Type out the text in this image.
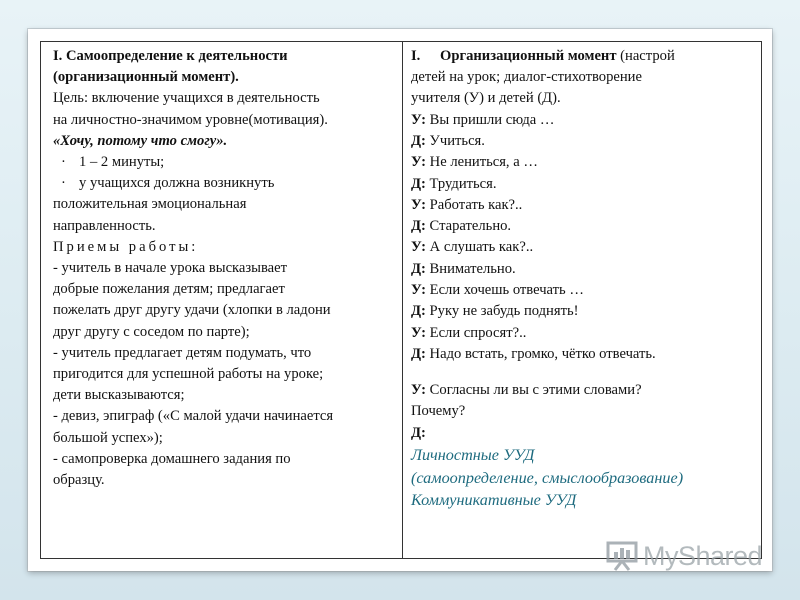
I. Самоопределение к деятельности
(организационный момент).
Цель: включение учащихся в деятельность
на личностно-значимом уровне(мотивация).
«Хочу, потому что смогу».
· 1 – 2 минуты;
· у учащихся должна возникнуть
положительная эмоциональная
направленность.
Приемы работы:
- учитель в начале урока высказывает
добрые пожелания детям; предлагает
пожелать друг другу удачи (хлопки в ладони
друг другу с соседом по парте);
- учитель предлагает детям подумать, что
пригодится для успешной работы на уроке;
дети высказываются;
- девиз, эпиграф («С малой удачи начинается
большой успех»);
- самопроверка домашнего задания по
образцу.
I.	Организационный момент (настрой
детей на урок; диалог-стихотворение
учителя (У) и детей (Д).
У: Вы пришли сюда …
Д: Учиться.
У: Не лениться, а …
Д: Трудиться.
У: Работать как?..
Д: Старательно.
У: А слушать как?..
Д: Внимательно.
У: Если хочешь отвечать …
Д: Руку не забудь поднять!
У: Если спросят?..
Д: Надо встать, громко, чётко отвечать.
У: Согласны ли вы с этими словами?
Почему?
Д:
Личностные УУД
(самоопределение, смыслообразование)
Коммуникативные УУД
MyShared
